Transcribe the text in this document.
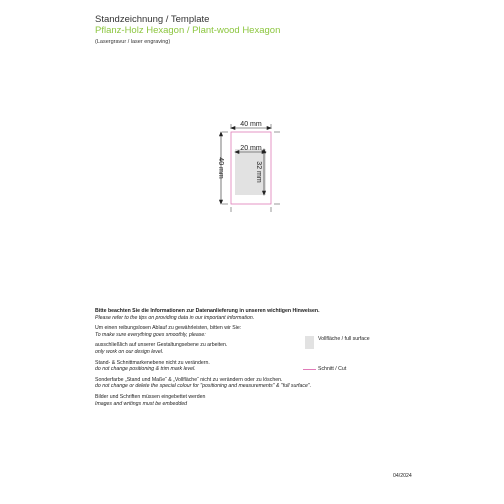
Standzeichnung / Template
Pflanz-Holz Hexagon / Plant-wood Hexagon
(Lasergravur / laser engraving)
40 mm
40 mm
20 mm
32 mm

Bitte beachten Sie die Informationen zur Datenanlieferung in unseren wichtigen Hinweisen.

Please refer to the tips on providing data in our important information.

Um einen reibungslosen Ablauf zu gewährleisten, bitten wir Sie:

To make sure everything goes smoothly, please:

ausschließlich auf unserer Gestaltungsebene zu arbeiten.

only work on our design level.

Stand- & Schnittmarkenebene nicht zu verändern.

do not change positioning & trim mark level.

Sonderfarbe „Stand und Maße“ & „Vollfläche“ nicht zu verändern oder zu löschen.

do not change or delete the special colour for "positioning and measurements" & "full surface".

Bilder und Schriften müssen eingebettet werden

Images and writings must be embedded

Vollfläche / full surface
Schnitt / Cut
04/2024
